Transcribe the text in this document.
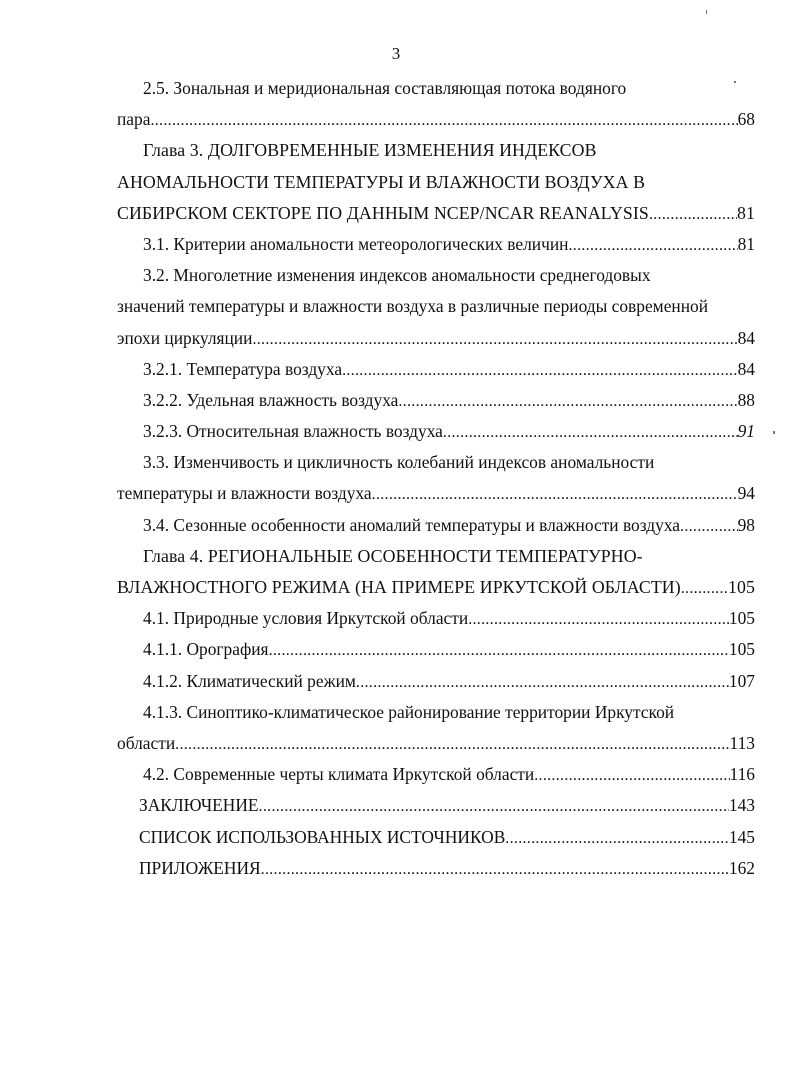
3
2.5. Зональная и меридиональная составляющая потока водяного
пара .....	68
Глава 3. ДОЛГОВРЕМЕННЫЕ ИЗМЕНЕНИЯ ИНДЕКСОВ
АНОМАЛЬНОСТИ ТЕМПЕРАТУРЫ И ВЛАЖНОСТИ ВОЗДУХА В
СИБИРСКОМ СЕКТОРЕ ПО ДАННЫМ NCEP/NCAR REANALYSIS .....	81
3.1. Критерии аномальности метеорологических величин .....	81
3.2. Многолетние изменения индексов аномальности среднегодовых
значений температуры и влажности воздуха в различные периоды современной
эпохи циркуляции .....	84
3.2.1. Температура воздуха .....	84
3.2.2. Удельная влажность воздуха .....	88
3.2.3. Относительная влажность воздуха .....	91
3.3. Изменчивость и цикличность колебаний индексов аномальности
температуры и влажности воздуха .....	94
3.4. Сезонные особенности аномалий температуры и влажности воздуха .....	98
Глава 4. РЕГИОНАЛЬНЫЕ ОСОБЕННОСТИ ТЕМПЕРАТУРНО-
ВЛАЖНОСТНОГО РЕЖИМА (НА ПРИМЕРЕ ИРКУТСКОЙ ОБЛАСТИ) .....	105
4.1. Природные условия Иркутской области .....	105
4.1.1. Орография .....	105
4.1.2. Климатический режим .....	107
4.1.3. Синоптико-климатическое районирование территории Иркутской
области .....	113
4.2. Современные черты климата Иркутской области .....	116
ЗАКЛЮЧЕНИЕ .....	143
СПИСОК ИСПОЛЬЗОВАННЫХ ИСТОЧНИКОВ .....	145
ПРИЛОЖЕНИЯ .....	162
